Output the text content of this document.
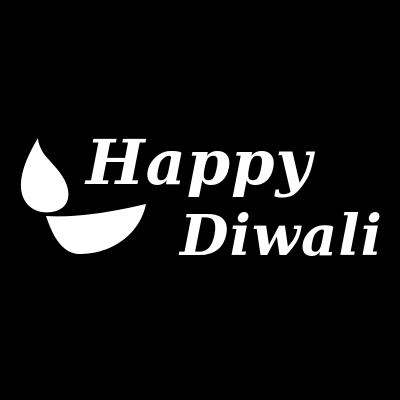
Happy
Diwali
